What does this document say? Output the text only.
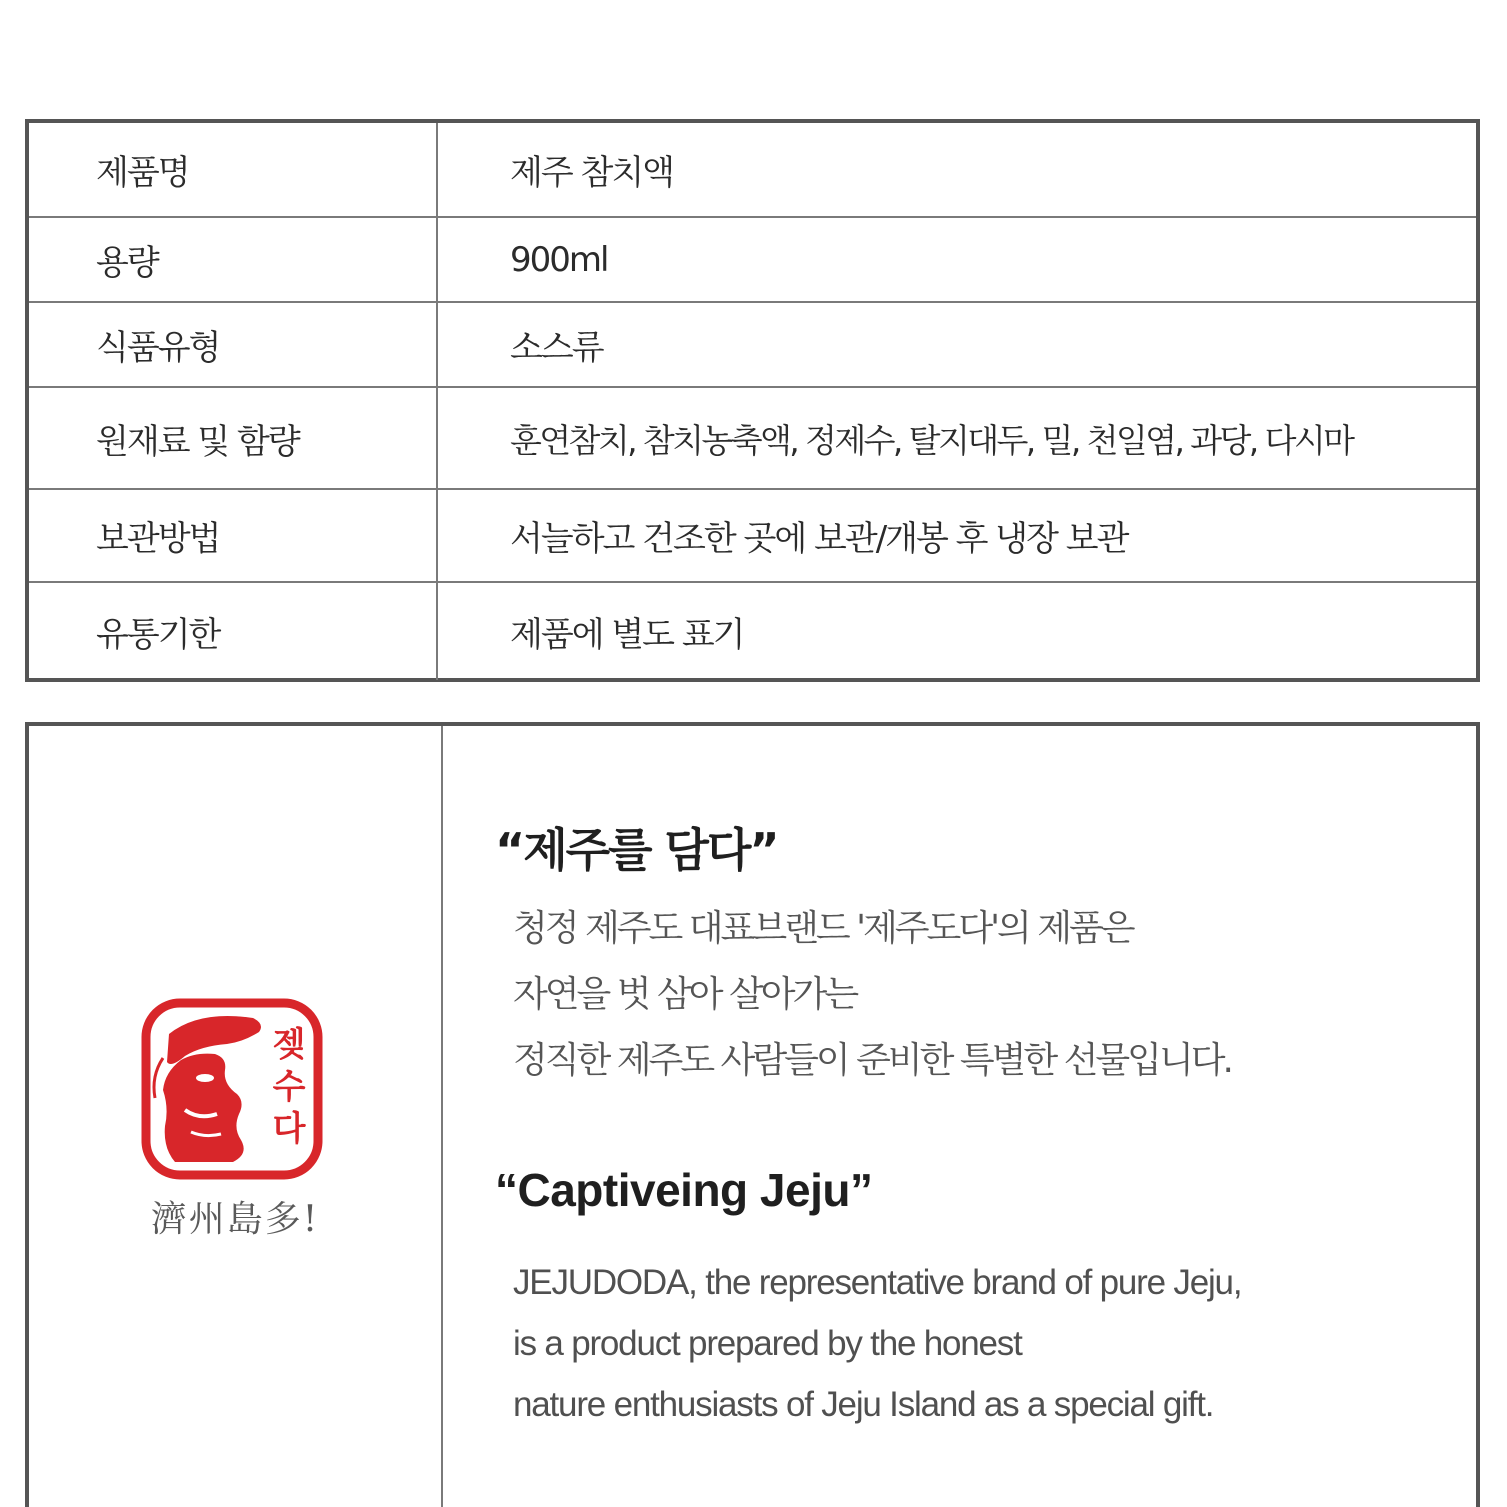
제품명	제주 참치액
용량	900ml
식품유형	소스류
원재료 및 함량	훈연참치, 참치농축액, 정제수, 탈지대두, 밀, 천일염, 과당, 다시마
보관방법	서늘하고 건조한 곳에 보관/개봉 후 냉장 보관
유통기한	제품에 별도 표기
젲
수
다
濟州島多!
“제주를 담다”
청정 제주도 대표브랜드 '제주도다'의 제품은
자연을 벗 삼아 살아가는
정직한 제주도 사람들이 준비한 특별한 선물입니다.
“Captiveing Jeju”
JEJUDODA, the representative brand of pure Jeju,
is a product prepared by the honest
nature enthusiasts of Jeju Island as a special gift.
